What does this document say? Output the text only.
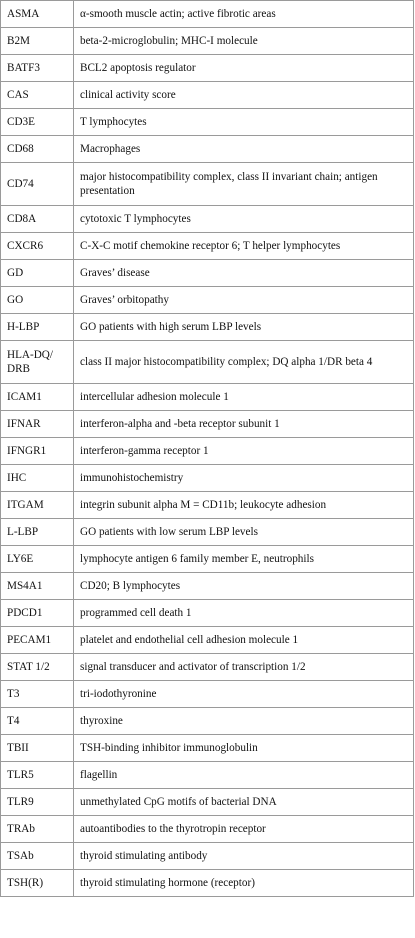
ASMA	α-smooth muscle actin; active fibrotic areas
B2M	beta-2-microglobulin; MHC-I molecule
BATF3	BCL2 apoptosis regulator
CAS	clinical activity score
CD3E	T lymphocytes
CD68	Macrophages
CD74	major histocompatibility complex, class II invariant chain; antigen presentation
CD8A	cytotoxic T lymphocytes
CXCR6	C-X-C motif chemokine receptor 6; T helper lymphocytes
GD	Graves’ disease
GO	Graves’ orbitopathy
H-LBP	GO patients with high serum LBP levels
HLA-DQ/ DRB	class II major histocompatibility complex; DQ alpha 1/DR beta 4
ICAM1	intercellular adhesion molecule 1
IFNAR	interferon-alpha and -beta receptor subunit 1
IFNGR1	interferon-gamma receptor 1
IHC	immunohistochemistry
ITGAM	integrin subunit alpha M = CD11b; leukocyte adhesion
L-LBP	GO patients with low serum LBP levels
LY6E	lymphocyte antigen 6 family member E, neutrophils
MS4A1	CD20; B lymphocytes
PDCD1	programmed cell death 1
PECAM1	platelet and endothelial cell adhesion molecule 1
STAT 1/2	signal transducer and activator of transcription 1/2
T3	tri-iodothyronine
T4	thyroxine
TBII	TSH-binding inhibitor immunoglobulin
TLR5	flagellin
TLR9	unmethylated CpG motifs of bacterial DNA
TRAb	autoantibodies to the thyrotropin receptor
TSAb	thyroid stimulating antibody
TSH(R)	thyroid stimulating hormone (receptor)
